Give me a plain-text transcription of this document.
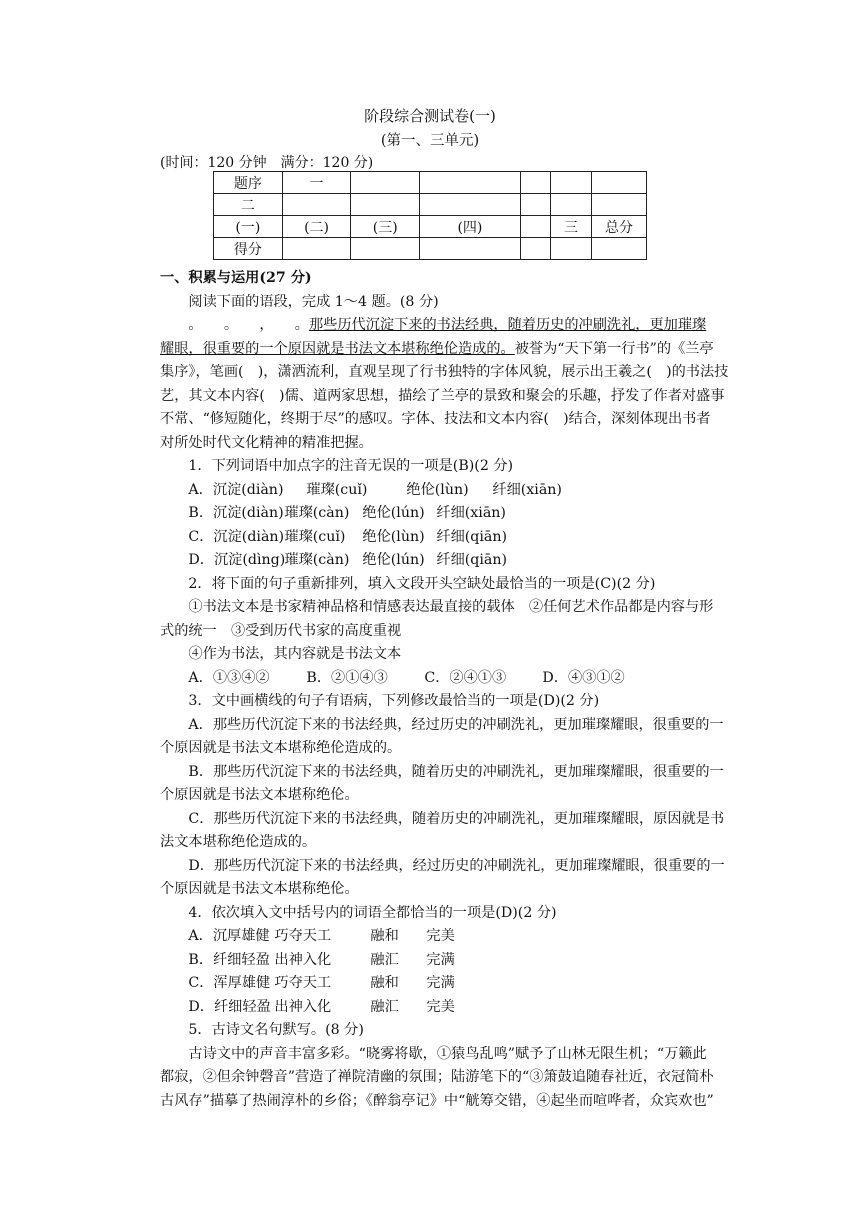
阶段综合测试卷(一)
(第一、三单元)
(时间：120 分钟　满分：120 分)
题序	一					
二						
(一)	(二)	(三)	(四)		三	总分
得分						
一、积累与运用(27 分)
阅读下面的语段，完成 1～4 题。(8 分)
。　　。　　，　　。那些历代沉淀下来的书法经典，随着历史的冲刷洗礼，更加璀璨
耀眼，很重要的一个原因就是书法文本堪称绝伦造成的。被誉为“天下第一行书”的《兰亭
集序》，笔画(　)，潇洒流利，直观呈现了行书独特的字体风貌，展示出王羲之(　)的书法技
艺，其文本内容(　)儒、道两家思想，描绘了兰亭的景致和聚会的乐趣，抒发了作者对盛事
不常、“修短随化，终期于尽”的感叹。字体、技法和文本内容(　)结合，深刻体现出书者
对所处时代文化精神的精准把握。
1．下列词语中加点字的注音无误的一项是(B)(2 分)
A．沉淀(diàn) 璀璨(cuǐ)	绝伦(lùn) 纤细(xiān)
B．沉淀(diàn)璀璨(càn) 绝伦(lún) 纤细(xiān)
C．沉淀(diàn)璀璨(cuǐ) 绝伦(lùn) 纤细(qiān)
D．沉淀(dìng)璀璨(càn) 绝伦(lún) 纤细(qiān)
2．将下面的句子重新排列，填入文段开头空缺处最恰当的一项是(C)(2 分)
①书法文本是书家精神品格和情感表达最直接的载体　②任何艺术作品都是内容与形
式的统一　③受到历代书家的高度重视
④作为书法，其内容就是书法文本
A．①③④②	B．②①④③	C．②④①③	D．④③①②
3．文中画横线的句子有语病，下列修改最恰当的一项是(D)(2 分)
A．那些历代沉淀下来的书法经典，经过历史的冲刷洗礼，更加璀璨耀眼，很重要的一
个原因就是书法文本堪称绝伦造成的。
B．那些历代沉淀下来的书法经典，随着历史的冲刷洗礼，更加璀璨耀眼，很重要的一
个原因就是书法文本堪称绝伦。
C．那些历代沉淀下来的书法经典，随着历史的冲刷洗礼，更加璀璨耀眼，原因就是书
法文本堪称绝伦造成的。
D．那些历代沉淀下来的书法经典，经过历史的冲刷洗礼，更加璀璨耀眼，很重要的一
个原因就是书法文本堪称绝伦。
4．依次填入文中括号内的词语全都恰当的一项是(D)(2 分)
A．沉厚雄健 巧夺天工	融和 完美
B．纤细轻盈 出神入化	融汇 完满
C．浑厚雄健 巧夺天工	融和 完满
D．纤细轻盈 出神入化	融汇 完美
5．古诗文名句默写。(8 分)
古诗文中的声音丰富多彩。“晓雾将歇，①猿鸟乱鸣”赋予了山林无限生机；“万籁此
都寂，②但余钟磬音”营造了禅院清幽的氛围；陆游笔下的“③箫鼓追随春社近，衣冠简朴
古风存”描摹了热闹淳朴的乡俗；《醉翁亭记》中“觥筹交错，④起坐而喧哗者，众宾欢也”
